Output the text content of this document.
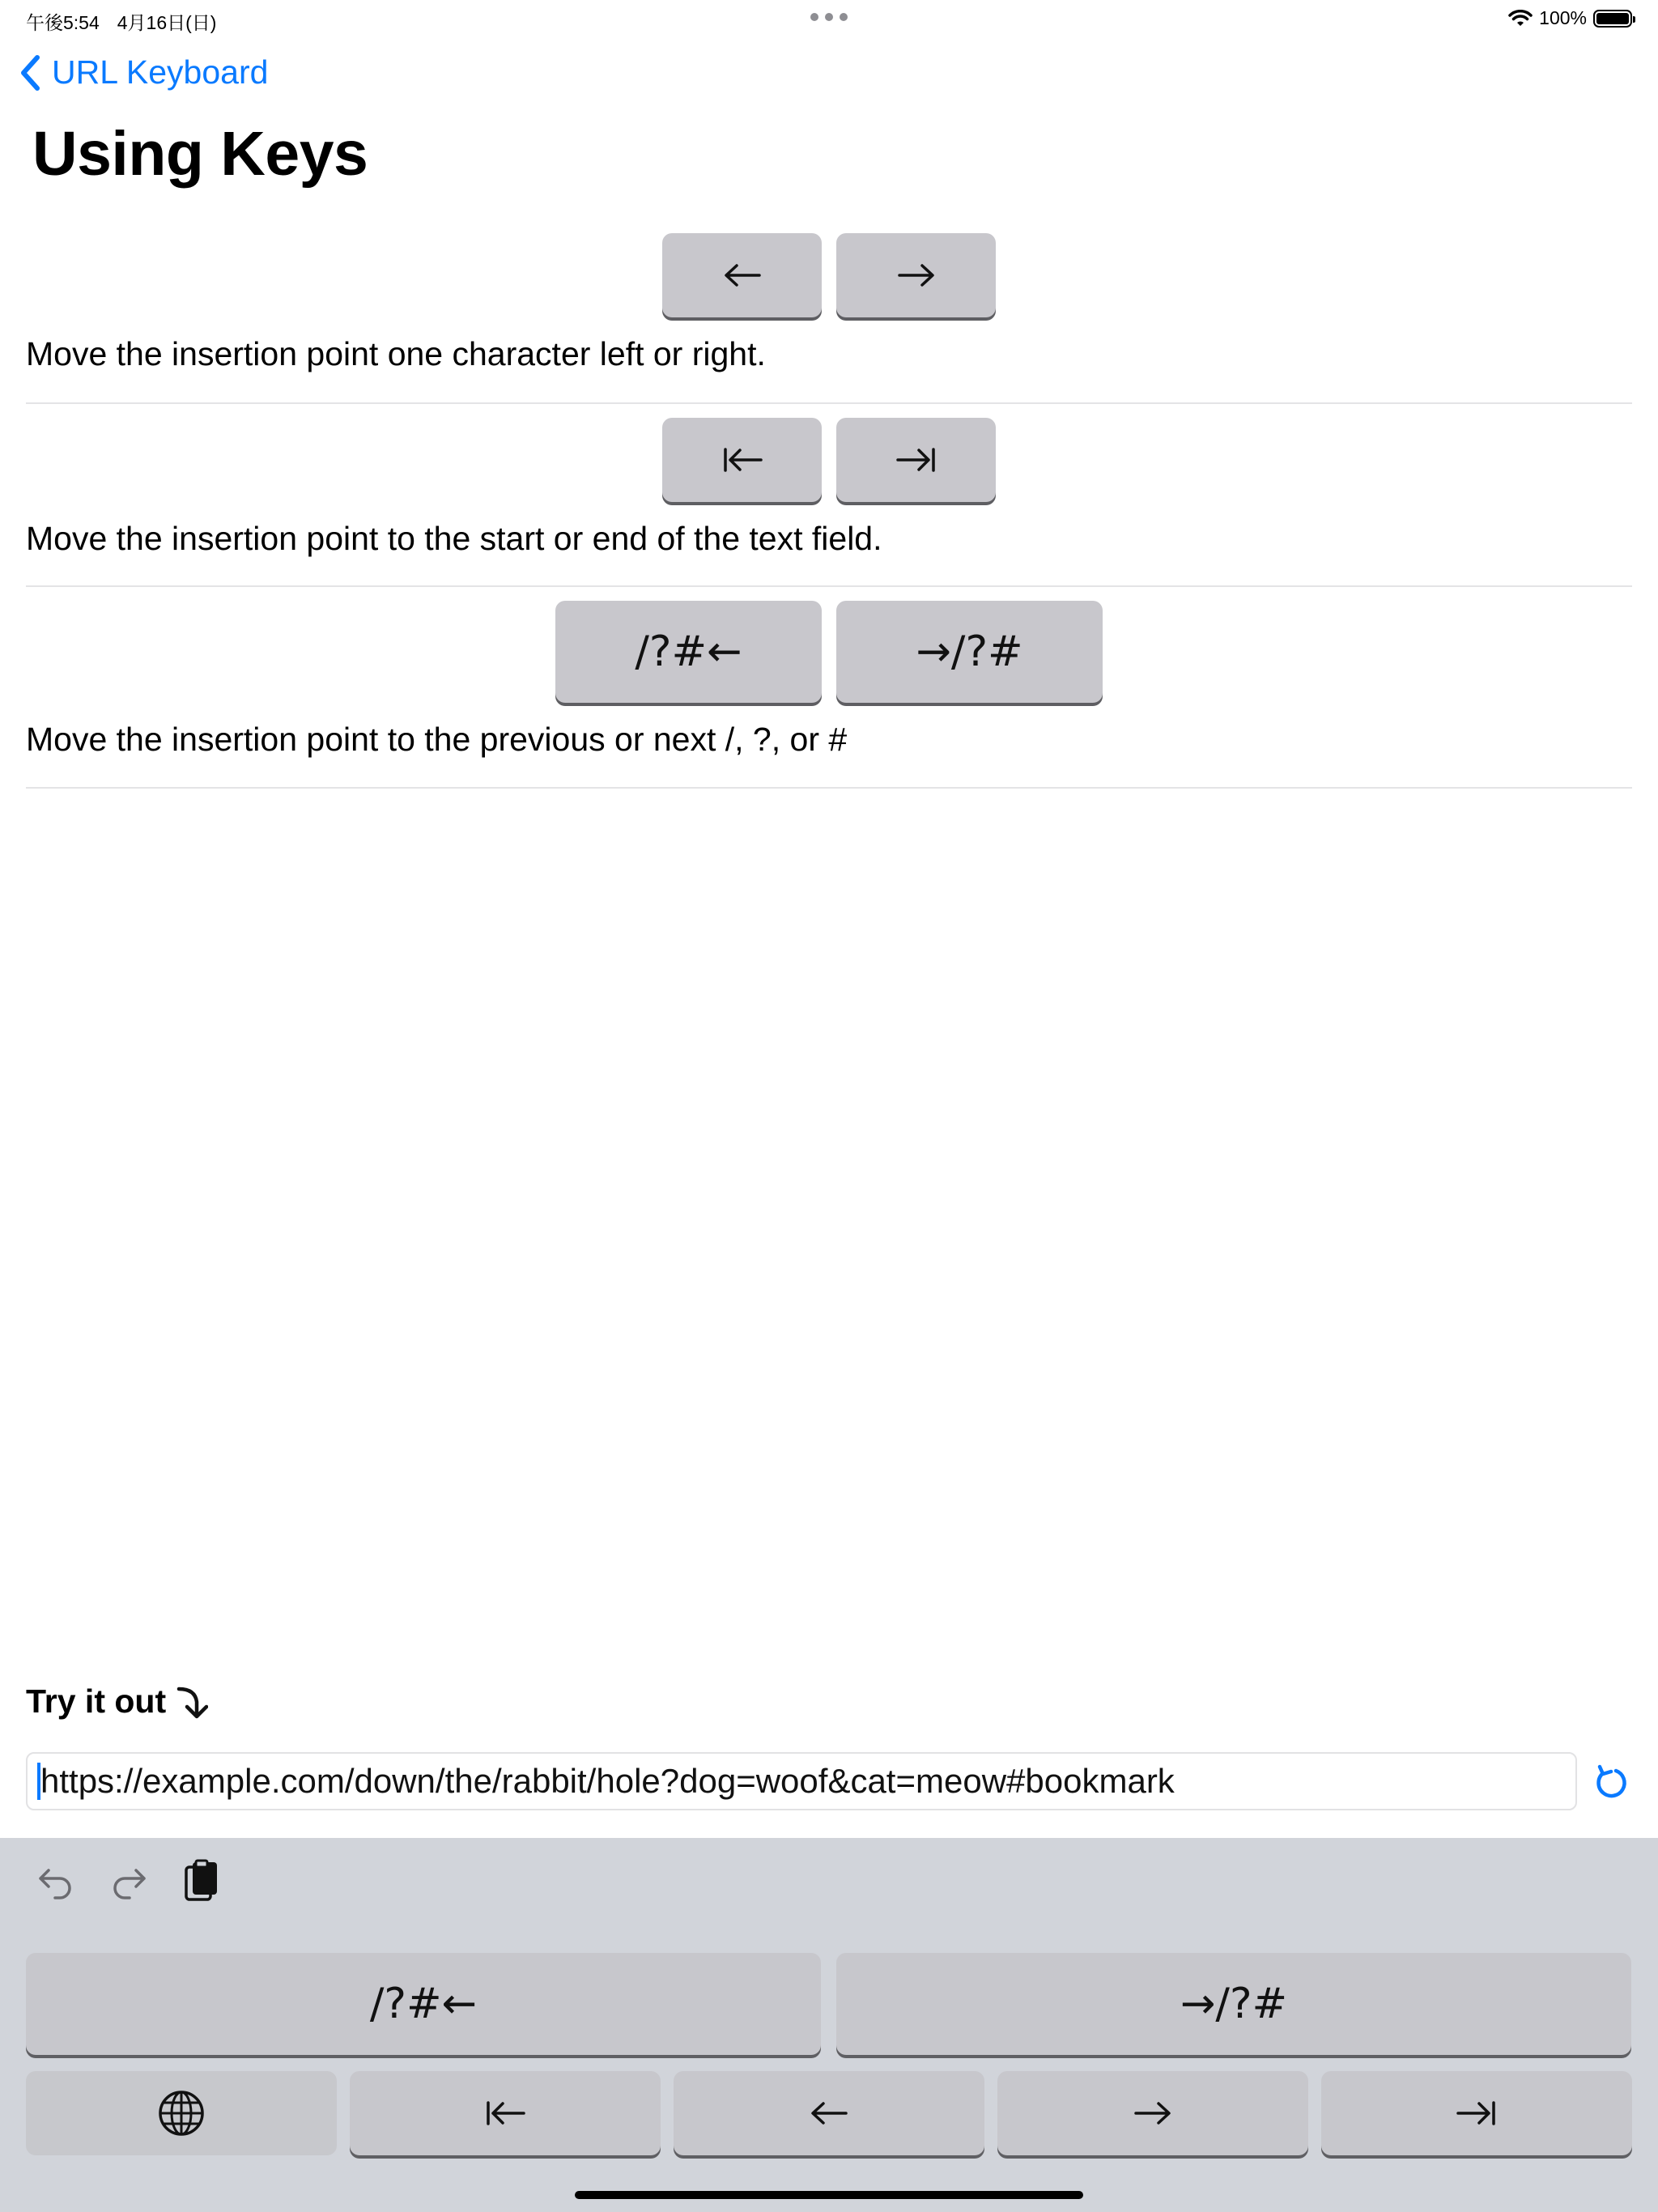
午後5:54 4月16日(日)	100%
URL Keyboard
Using Keys

Move the insertion point one character left or right.

Move the insertion point to the start or end of the text field.

/?#←	→/?#

Move the insertion point to the previous or next /, ?, or #

Try it out
https://example.com/down/the/rabbit/hole?dog=woof&cat=meow#bookmark
/?#←	→/?#
